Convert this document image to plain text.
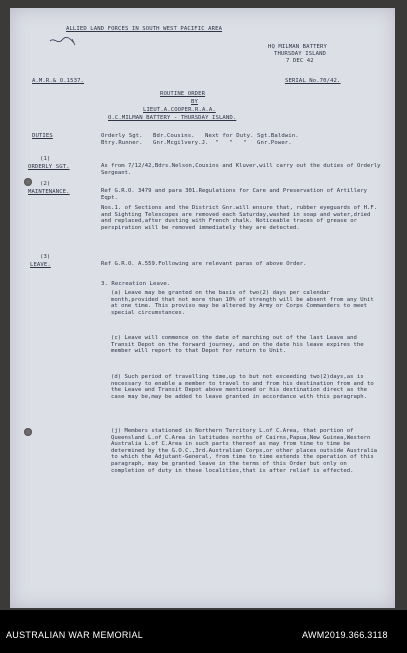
ALLIED LAND FORCES IN SOUTH WEST PACIFIC AREA
HQ MILMAN BATTERY
THURSDAY ISLAND
7 DEC 42
A.M.R.& O.1537.	SERIAL No.70/42.
ROUTINE ORDER
BY
LIEUT.A.COOPER.R.A.A.
O.C.MILMAN BATTERY - THURSDAY ISLAND.
DUTIES	Orderly Sgt.   Bdr.Cousins.   Next for Duty. Sgt.Baldwin.
Btry.Runner.   Gnr.Mcgilvery.J.  "   "   "   Gnr.Power.
(1)
ORDERLY SGT.	As from 7/12/42,Bdrs.Nelson,Cousins and Kluver,will carry out the duties of Orderly Sergeant.
(2)
MAINTENANCE.	Ref G.R.O. 3479 and para 301.Regulations for Care and Preservation of Artillery Eqpt.
Nos.1. of Sections and the District Gnr.will ensure that, rubber eyeguards of H.F. and Sighting Telescopes are removed each Saturday,washed in soap and water,dried and replaced,after dusting with French chalk. Noticeable traces of grease or perspiration will be removed immediately they are detected.
(3)
LEAVE.	Ref G.R.O. A.559.Following are relevant paras of above Order.
3. Recreation Leave.
(a) Leave may be granted on the basis of two(2) days per calendar month,provided that not more than 10% of strength will be absent from any Unit at one time. This proviso may be altered by Army or Corps Commanders to meet special circumstances.
(c) Leave will commence on the date of marching out of the last Leave and Transit Depot on the forward journey, and on the date his leave expires the member will report to that Depot for return to Unit.
(d) Such period of travelling time,up to but not exceeding two(2)days,as is necessary to enable a member to travel to and from his destination from and to the Leave and Transit Depot above mentioned or his destination direct as the case may be,may be added to leave granted in accordance with this paragraph.
(j) Members stationed in Northern Territory L.of C.Area, that portion of Queensland L.of C.Area in latitudes norths of Cairns,Papua,New Guinea,Western Australia L.of C.Area in such parts thereof as may from time to time be determined by the G.O.C.,3rd.Australian Corps,or other places outside Australia to which the Adjutant-General, from time to time extends the operation of this paragraph, may be granted leave in the terms of this Order but only on completion of duty in these localities,that is after relief is effected.
AUSTRALIAN WAR MEMORIAL	AWM2019.366.3118
